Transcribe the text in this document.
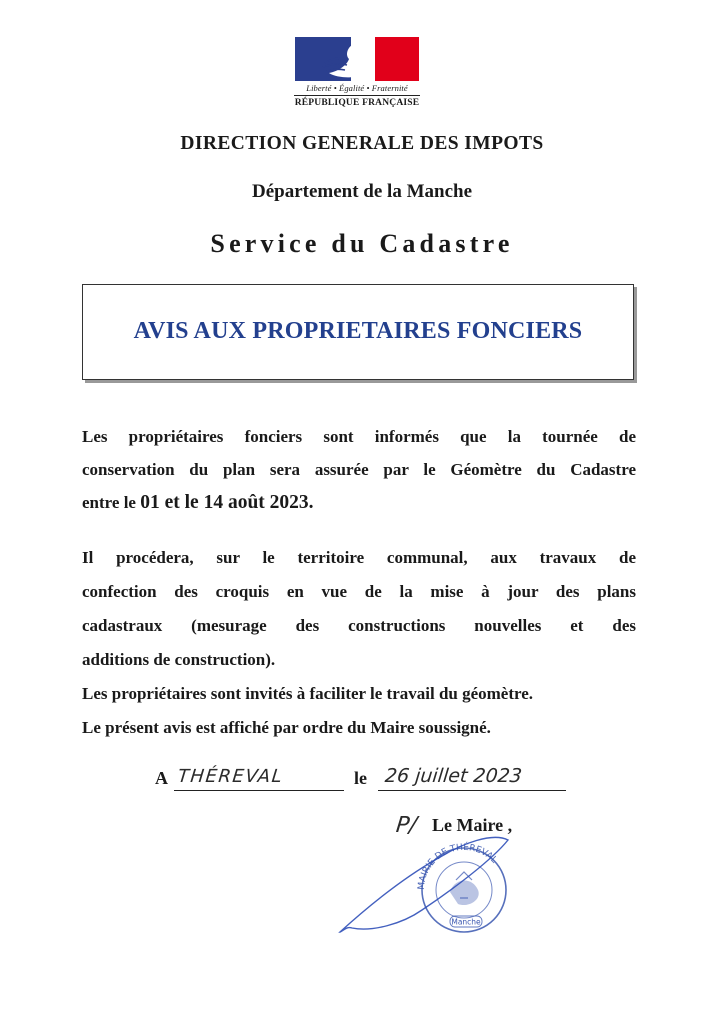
Liberté • Égalité • Fraternité
RÉPUBLIQUE FRANÇAISE
DIRECTION GENERALE DES IMPOTS
Département de la Manche
Service du Cadastre
AVIS AUX PROPRIETAIRES FONCIERS
Les propriétaires fonciers sont informés que la tournée de
conservation du plan sera assurée par le Géomètre du Cadastre
entre le 01 et le 14 août 2023.
Il procédera, sur le territoire communal, aux travaux de
confection des croquis en vue de la mise à jour des plans
cadastraux (mesurage des constructions nouvelles et des
additions de construction).
Les propriétaires sont invités à faciliter le travail du géomètre.
Le présent avis est affiché par ordre du Maire soussigné.
A THÉREVAL	le 26 juillet 2023
P/ Le Maire ,
MAIRIE DE THÉREVAL
Manche
